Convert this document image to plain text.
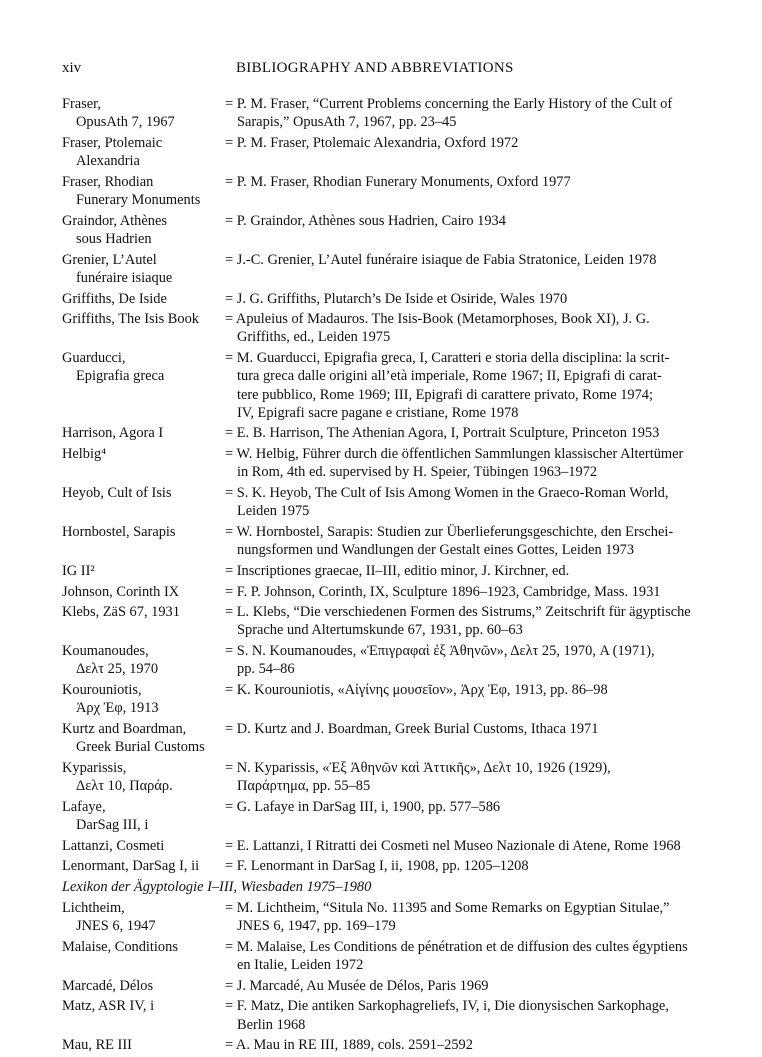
xiv	BIBLIOGRAPHY AND ABBREVIATIONS
Fraser,
OpusAth 7, 1967
= P. M. Fraser, “Current Problems concerning the Early History of the Cult of
Sarapis,” OpusAth 7, 1967, pp. 23–45
Fraser, Ptolemaic
Alexandria
= P. M. Fraser, Ptolemaic Alexandria, Oxford 1972
Fraser, Rhodian
Funerary Monuments
= P. M. Fraser, Rhodian Funerary Monuments, Oxford 1977
Graindor, Athènes
sous Hadrien
= P. Graindor, Athènes sous Hadrien, Cairo 1934
Grenier, L’Autel
funéraire isiaque
= J.-C. Grenier, L’Autel funéraire isiaque de Fabia Stratonice, Leiden 1978
Griffiths, De Iside	= J. G. Griffiths, Plutarch’s De Iside et Osiride, Wales 1970
Griffiths, The Isis Book	= Apuleius of Madauros. The Isis-Book (Metamorphoses, Book XI), J. G.
Griffiths, ed., Leiden 1975
Guarducci,
Epigrafia greca
= M. Guarducci, Epigrafia greca, I, Caratteri e storia della disciplina: la scrit-
tura greca dalle origini all’età imperiale, Rome 1967; II, Epigrafi di carat-
tere pubblico, Rome 1969; III, Epigrafi di carattere privato, Rome 1974;
IV, Epigrafi sacre pagane e cristiane, Rome 1978
Harrison, Agora I	= E. B. Harrison, The Athenian Agora, I, Portrait Sculpture, Princeton 1953
Helbig⁴	= W. Helbig, Führer durch die öffentlichen Sammlungen klassischer Altertümer
in Rom, 4th ed. supervised by H. Speier, Tübingen 1963–1972
Heyob, Cult of Isis	= S. K. Heyob, The Cult of Isis Among Women in the Graeco-Roman World,
Leiden 1975
Hornbostel, Sarapis	= W. Hornbostel, Sarapis: Studien zur Überlieferungsgeschichte, den Erschei-
nungsformen und Wandlungen der Gestalt eines Gottes, Leiden 1973
IG II²	= Inscriptiones graecae, II–III, editio minor, J. Kirchner, ed.
Johnson, Corinth IX	= F. P. Johnson, Corinth, IX, Sculpture 1896–1923, Cambridge, Mass. 1931
Klebs, ZäS 67, 1931	= L. Klebs, “Die verschiedenen Formen des Sistrums,” Zeitschrift für ägyptische
Sprache und Altertumskunde 67, 1931, pp. 60–63
Koumanoudes,
Δελτ 25, 1970
= S. N. Koumanoudes, «Ἐπιγραφαὶ ἐξ Ἀθηνῶν», Δελτ 25, 1970, A (1971),
pp. 54–86
Kourouniotis,
Ἀρχ Ἐφ, 1913
= K. Kourouniotis, «Αἰγίνης μουσεῖον», Ἀρχ Ἐφ, 1913, pp. 86–98
Kurtz and Boardman,
Greek Burial Customs
= D. Kurtz and J. Boardman, Greek Burial Customs, Ithaca 1971
Kyparissis,
Δελτ 10, Παράρ.
= N. Kyparissis, «Ἐξ Ἀθηνῶν καὶ Ἀττικῆς», Δελτ 10, 1926 (1929),
Παράρτημα, pp. 55–85
Lafaye,
DarSag III, i
= G. Lafaye in DarSag III, i, 1900, pp. 577–586
Lattanzi, Cosmeti	= E. Lattanzi, I Ritratti dei Cosmeti nel Museo Nazionale di Atene, Rome 1968
Lenormant, DarSag I, ii	= F. Lenormant in DarSag I, ii, 1908, pp. 1205–1208
Lexikon der Ägyptologie I–III, Wiesbaden 1975–1980
Lichtheim,
JNES 6, 1947
= M. Lichtheim, “Situla No. 11395 and Some Remarks on Egyptian Situlae,”
JNES 6, 1947, pp. 169–179
Malaise, Conditions	= M. Malaise, Les Conditions de pénétration et de diffusion des cultes égyptiens
en Italie, Leiden 1972
Marcadé, Délos	= J. Marcadé, Au Musée de Délos, Paris 1969
Matz, ASR IV, i	= F. Matz, Die antiken Sarkophagreliefs, IV, i, Die dionysischen Sarkophage,
Berlin 1968
Mau, RE III	= A. Mau in RE III, 1889, cols. 2591–2592
